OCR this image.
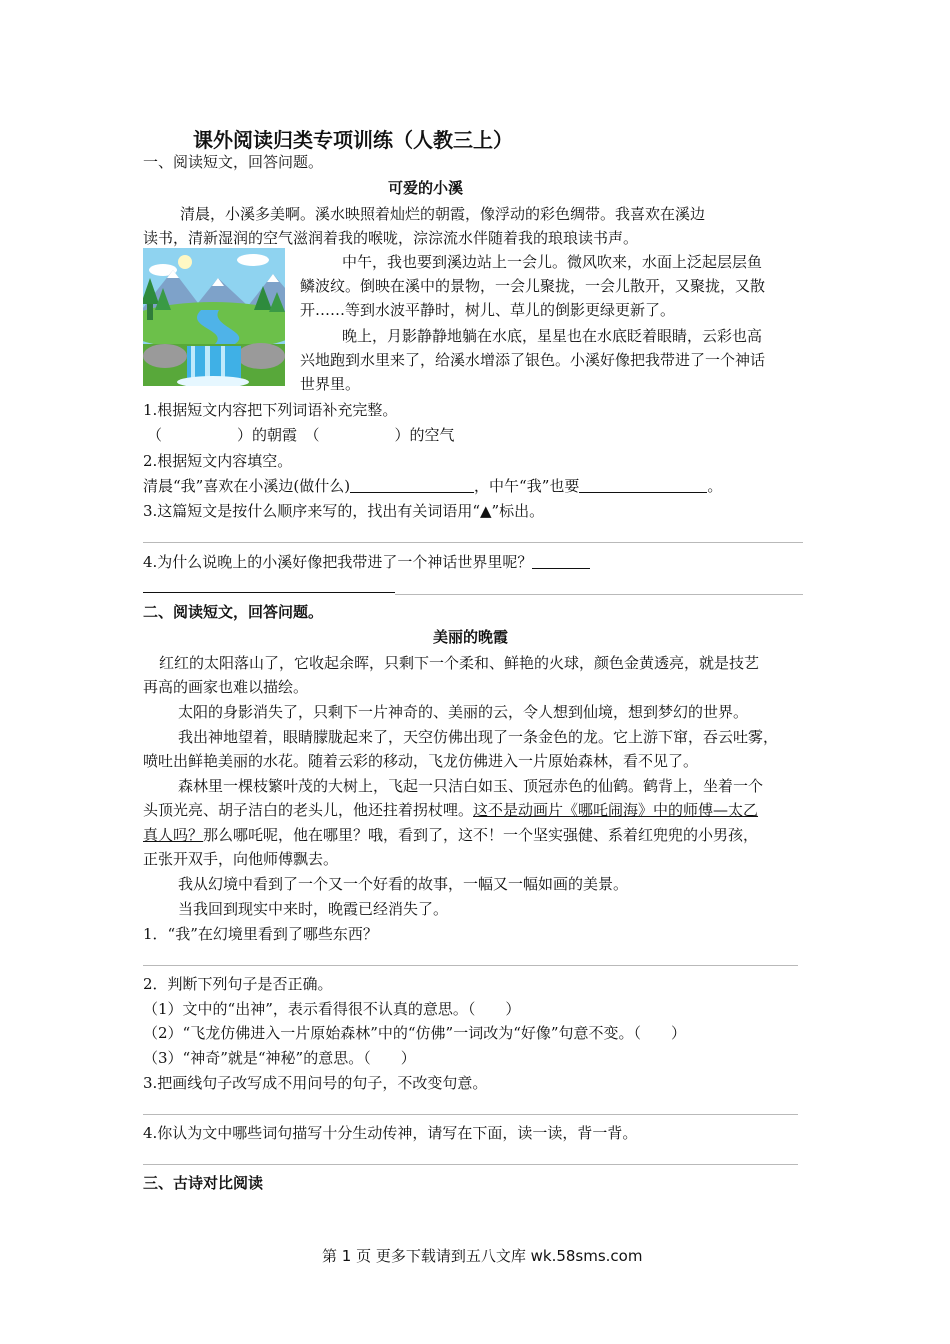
课外阅读归类专项训练（人教三上）
一、阅读短文，回答问题。
可爱的小溪
清晨，小溪多美啊。溪水映照着灿烂的朝霞，像浮动的彩色绸带。我喜欢在溪边
读书，清新湿润的空气滋润着我的喉咙，淙淙流水伴随着我的琅琅读书声。
中午，我也要到溪边站上一会儿。微风吹来，水面上泛起层层鱼
鳞波纹。倒映在溪中的景物，一会儿聚拢，一会儿散开，又聚拢，又散
开……等到水波平静时，树儿、草儿的倒影更绿更新了。
晚上，月影静静地躺在水底，星星也在水底眨着眼睛，云彩也高
兴地跑到水里来了，给溪水增添了银色。小溪好像把我带进了一个神话
世界里。
1.根据短文内容把下列词语补充完整。
（　　　　　）的朝霞　（　　　　　）的空气
2.根据短文内容填空。
清晨“我”喜欢在小溪边(做什么)	，中午“我”也要	。
3.这篇短文是按什么顺序来写的，找出有关词语用“▲”标出。
4.为什么说晚上的小溪好像把我带进了一个神话世界里呢？
二、阅读短文，回答问题。
美丽的晚霞
红红的太阳落山了，它收起余晖，只剩下一个柔和、鲜艳的火球，颜色金黄透亮，就是技艺
再高的画家也难以描绘。
太阳的身影消失了，只剩下一片神奇的、美丽的云，令人想到仙境，想到梦幻的世界。
我出神地望着，眼睛朦胧起来了，天空仿佛出现了一条金色的龙。它上游下窜，吞云吐雾，
喷吐出鲜艳美丽的水花。随着云彩的移动，飞龙仿佛进入一片原始森林，看不见了。
森林里一棵枝繁叶茂的大树上，飞起一只洁白如玉、顶冠赤色的仙鹤。鹤背上，坐着一个
头顶光亮、胡子洁白的老头儿，他还拄着拐杖哩。这不是动画片《哪吒闹海》中的师傅—太乙
真人吗？那么哪吒呢，他在哪里？哦，看到了，这不！一个坚实强健、系着红兜兜的小男孩，
正张开双手，向他师傅飘去。
我从幻境中看到了一个又一个好看的故事，一幅又一幅如画的美景。
当我回到现实中来时，晚霞已经消失了。
1．“我”在幻境里看到了哪些东西？
2．判断下列句子是否正确。
（1）文中的“出神”，表示看得很不认真的意思。（　　）
（2）“飞龙仿佛进入一片原始森林”中的“仿佛”一词改为“好像”句意不变。（　　）
（3）“神奇”就是“神秘”的意思。（　　）
3.把画线句子改写成不用问号的句子，不改变句意。
4.你认为文中哪些词句描写十分生动传神，请写在下面，读一读，背一背。
三、古诗对比阅读
第 1 页 更多下载请到五八文库 wk.58sms.com
